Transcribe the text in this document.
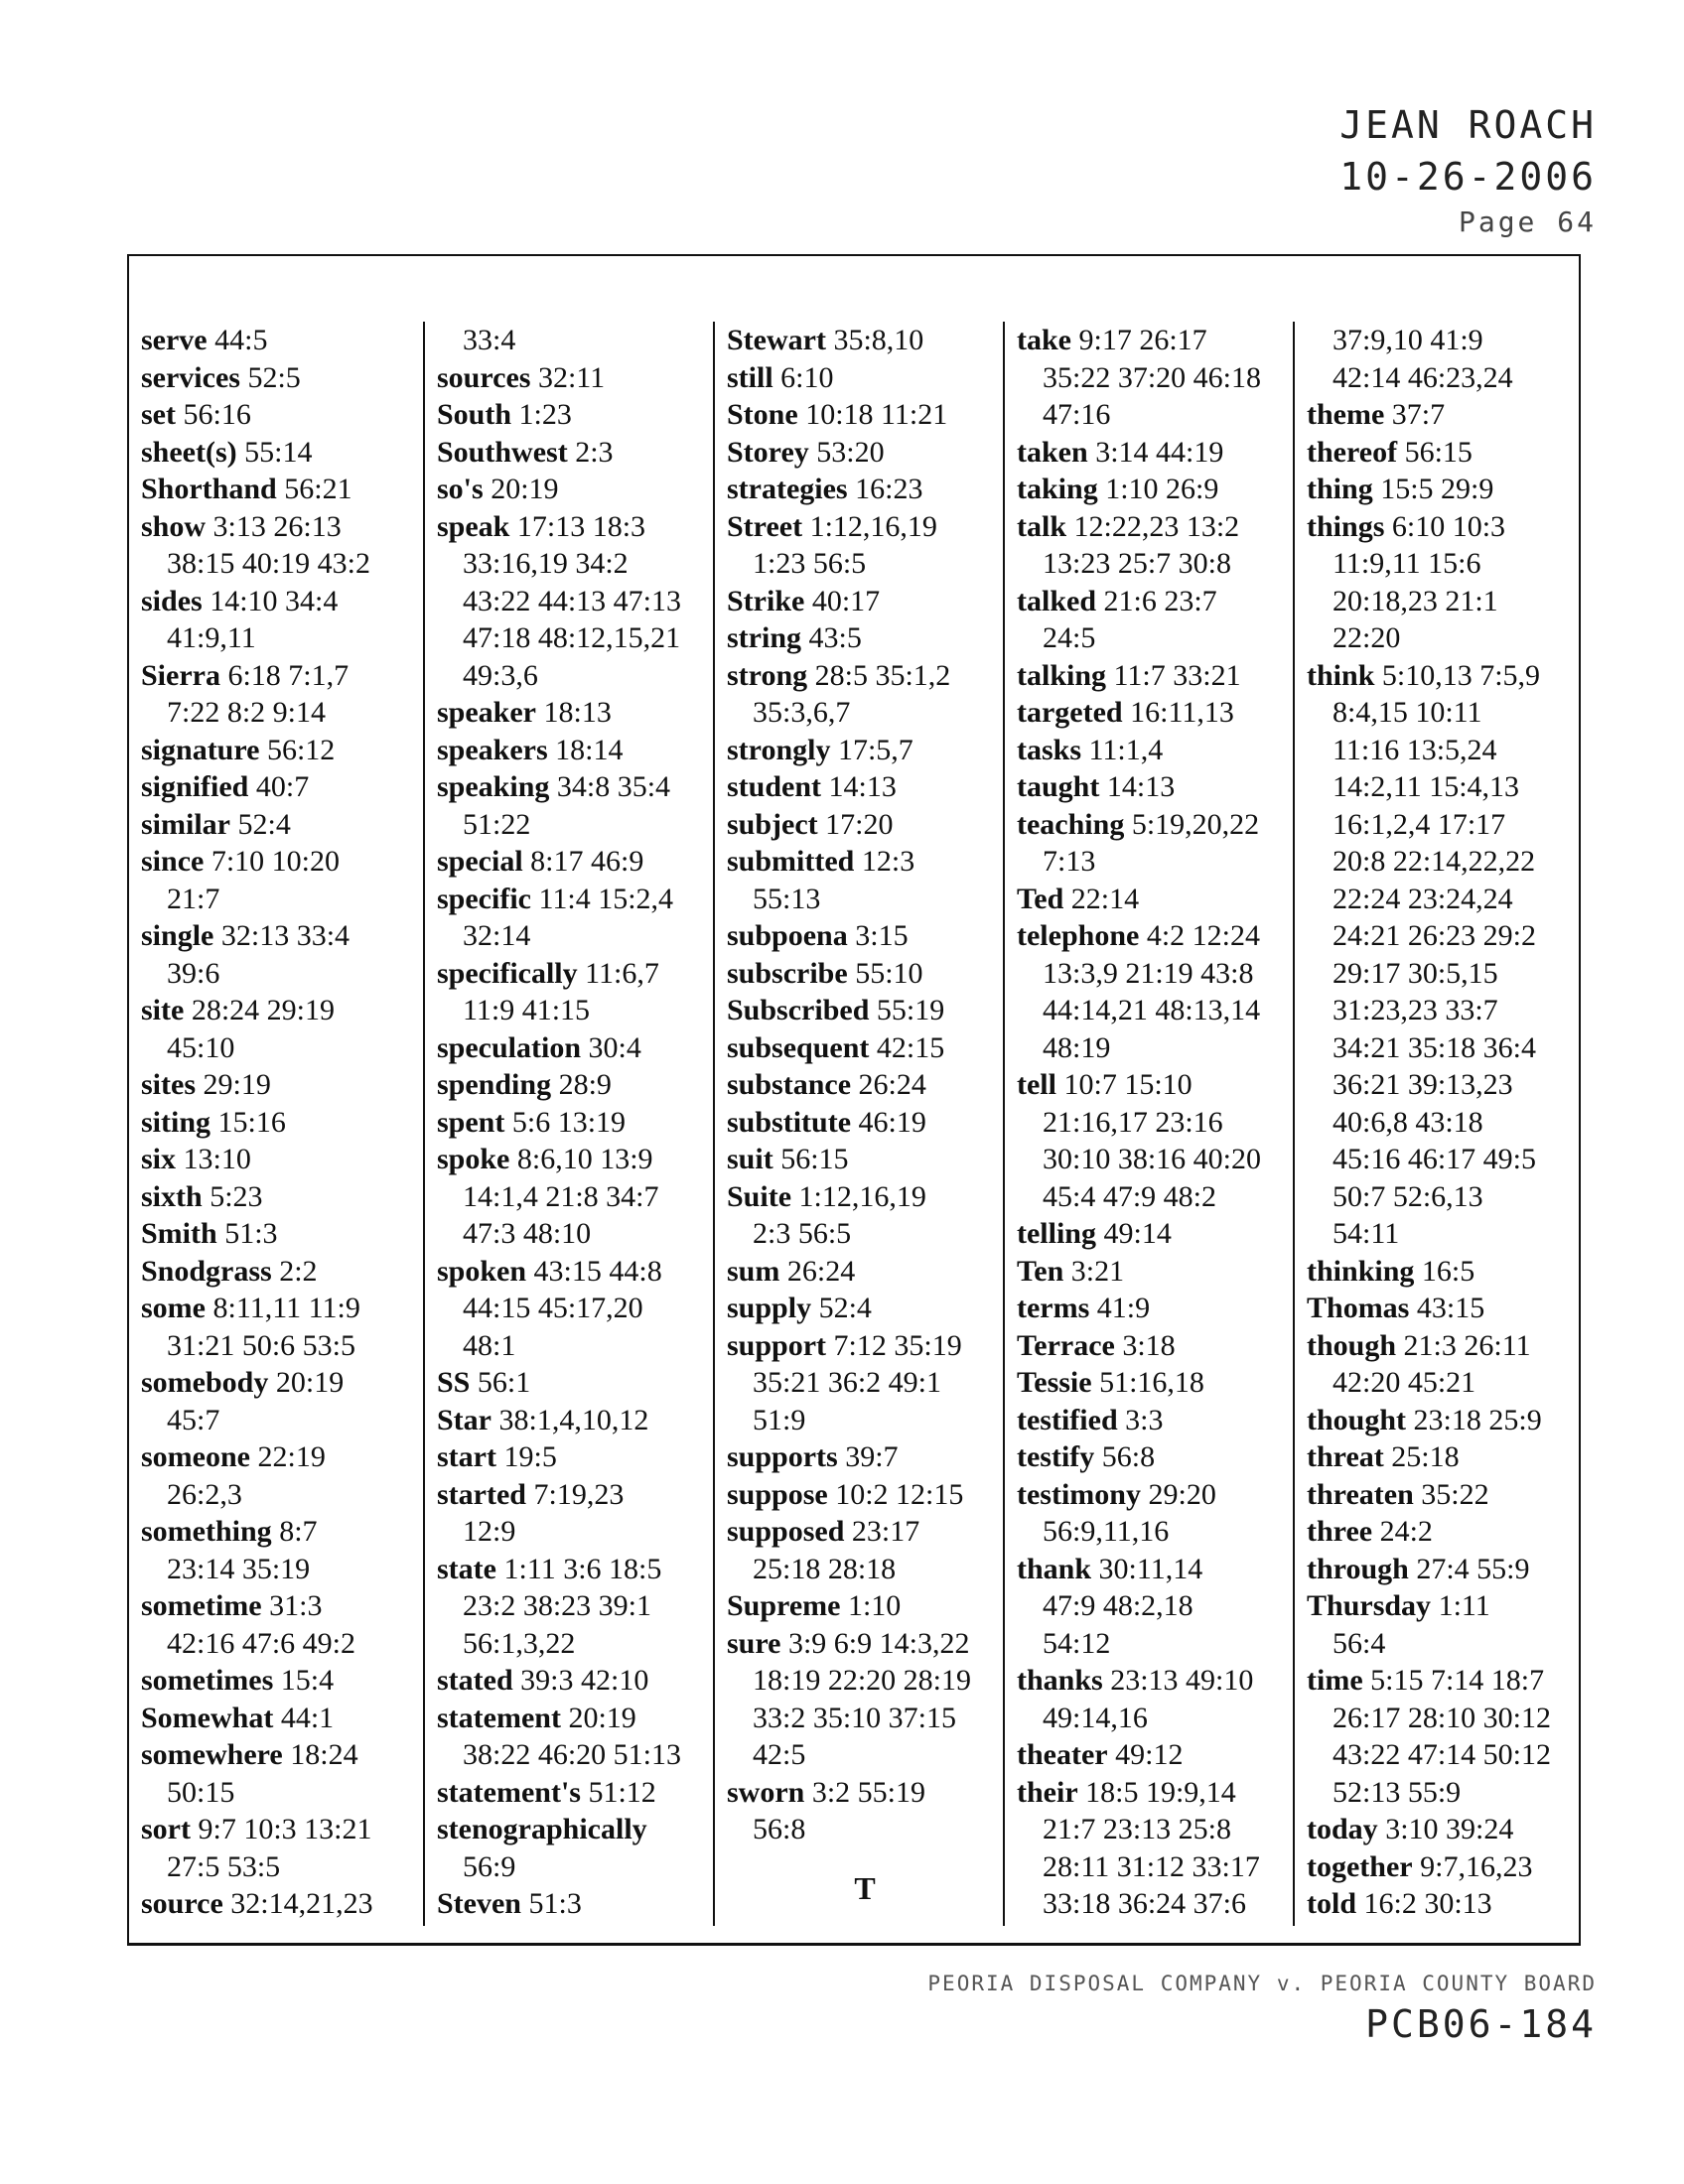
JEAN ROACH
10-26-2006
Page 64
serve 44:5
services 52:5
set 56:16
sheet(s) 55:14
Shorthand 56:21
show 3:13 26:13
38:15 40:19 43:2
sides 14:10 34:4
41:9,11
Sierra 6:18 7:1,7
7:22 8:2 9:14
signature 56:12
signified 40:7
similar 52:4
since 7:10 10:20
21:7
single 32:13 33:4
39:6
site 28:24 29:19
45:10
sites 29:19
siting 15:16
six 13:10
sixth 5:23
Smith 51:3
Snodgrass 2:2
some 8:11,11 11:9
31:21 50:6 53:5
somebody 20:19
45:7
someone 22:19
26:2,3
something 8:7
23:14 35:19
sometime 31:3
42:16 47:6 49:2
sometimes 15:4
Somewhat 44:1
somewhere 18:24
50:15
sort 9:7 10:3 13:21
27:5 53:5
source 32:14,21,23
33:4
sources 32:11
South 1:23
Southwest 2:3
so's 20:19
speak 17:13 18:3
33:16,19 34:2
43:22 44:13 47:13
47:18 48:12,15,21
49:3,6
speaker 18:13
speakers 18:14
speaking 34:8 35:4
51:22
special 8:17 46:9
specific 11:4 15:2,4
32:14
specifically 11:6,7
11:9 41:15
speculation 30:4
spending 28:9
spent 5:6 13:19
spoke 8:6,10 13:9
14:1,4 21:8 34:7
47:3 48:10
spoken 43:15 44:8
44:15 45:17,20
48:1
SS 56:1
Star 38:1,4,10,12
start 19:5
started 7:19,23
12:9
state 1:11 3:6 18:5
23:2 38:23 39:1
56:1,3,22
stated 39:3 42:10
statement 20:19
38:22 46:20 51:13
statement's 51:12
stenographically
56:9
Steven 51:3
Stewart 35:8,10
still 6:10
Stone 10:18 11:21
Storey 53:20
strategies 16:23
Street 1:12,16,19
1:23 56:5
Strike 40:17
string 43:5
strong 28:5 35:1,2
35:3,6,7
strongly 17:5,7
student 14:13
subject 17:20
submitted 12:3
55:13
subpoena 3:15
subscribe 55:10
Subscribed 55:19
subsequent 42:15
substance 26:24
substitute 46:19
suit 56:15
Suite 1:12,16,19
2:3 56:5
sum 26:24
supply 52:4
support 7:12 35:19
35:21 36:2 49:1
51:9
supports 39:7
suppose 10:2 12:15
supposed 23:17
25:18 28:18
Supreme 1:10
sure 3:9 6:9 14:3,22
18:19 22:20 28:19
33:2 35:10 37:15
42:5
sworn 3:2 55:19
56:8
T
take 9:17 26:17
35:22 37:20 46:18
47:16
taken 3:14 44:19
taking 1:10 26:9
talk 12:22,23 13:2
13:23 25:7 30:8
talked 21:6 23:7
24:5
talking 11:7 33:21
targeted 16:11,13
tasks 11:1,4
taught 14:13
teaching 5:19,20,22
7:13
Ted 22:14
telephone 4:2 12:24
13:3,9 21:19 43:8
44:14,21 48:13,14
48:19
tell 10:7 15:10
21:16,17 23:16
30:10 38:16 40:20
45:4 47:9 48:2
telling 49:14
Ten 3:21
terms 41:9
Terrace 3:18
Tessie 51:16,18
testified 3:3
testify 56:8
testimony 29:20
56:9,11,16
thank 30:11,14
47:9 48:2,18
54:12
thanks 23:13 49:10
49:14,16
theater 49:12
their 18:5 19:9,14
21:7 23:13 25:8
28:11 31:12 33:17
33:18 36:24 37:6
37:9,10 41:9
42:14 46:23,24
theme 37:7
thereof 56:15
thing 15:5 29:9
things 6:10 10:3
11:9,11 15:6
20:18,23 21:1
22:20
think 5:10,13 7:5,9
8:4,15 10:11
11:16 13:5,24
14:2,11 15:4,13
16:1,2,4 17:17
20:8 22:14,22,22
22:24 23:24,24
24:21 26:23 29:2
29:17 30:5,15
31:23,23 33:7
34:21 35:18 36:4
36:21 39:13,23
40:6,8 43:18
45:16 46:17 49:5
50:7 52:6,13
54:11
thinking 16:5
Thomas 43:15
though 21:3 26:11
42:20 45:21
thought 23:18 25:9
threat 25:18
threaten 35:22
three 24:2
through 27:4 55:9
Thursday 1:11
56:4
time 5:15 7:14 18:7
26:17 28:10 30:12
43:22 47:14 50:12
52:13 55:9
today 3:10 39:24
together 9:7,16,23
told 16:2 30:13
PEORIA DISPOSAL COMPANY v. PEORIA COUNTY BOARD
PCB06-184
